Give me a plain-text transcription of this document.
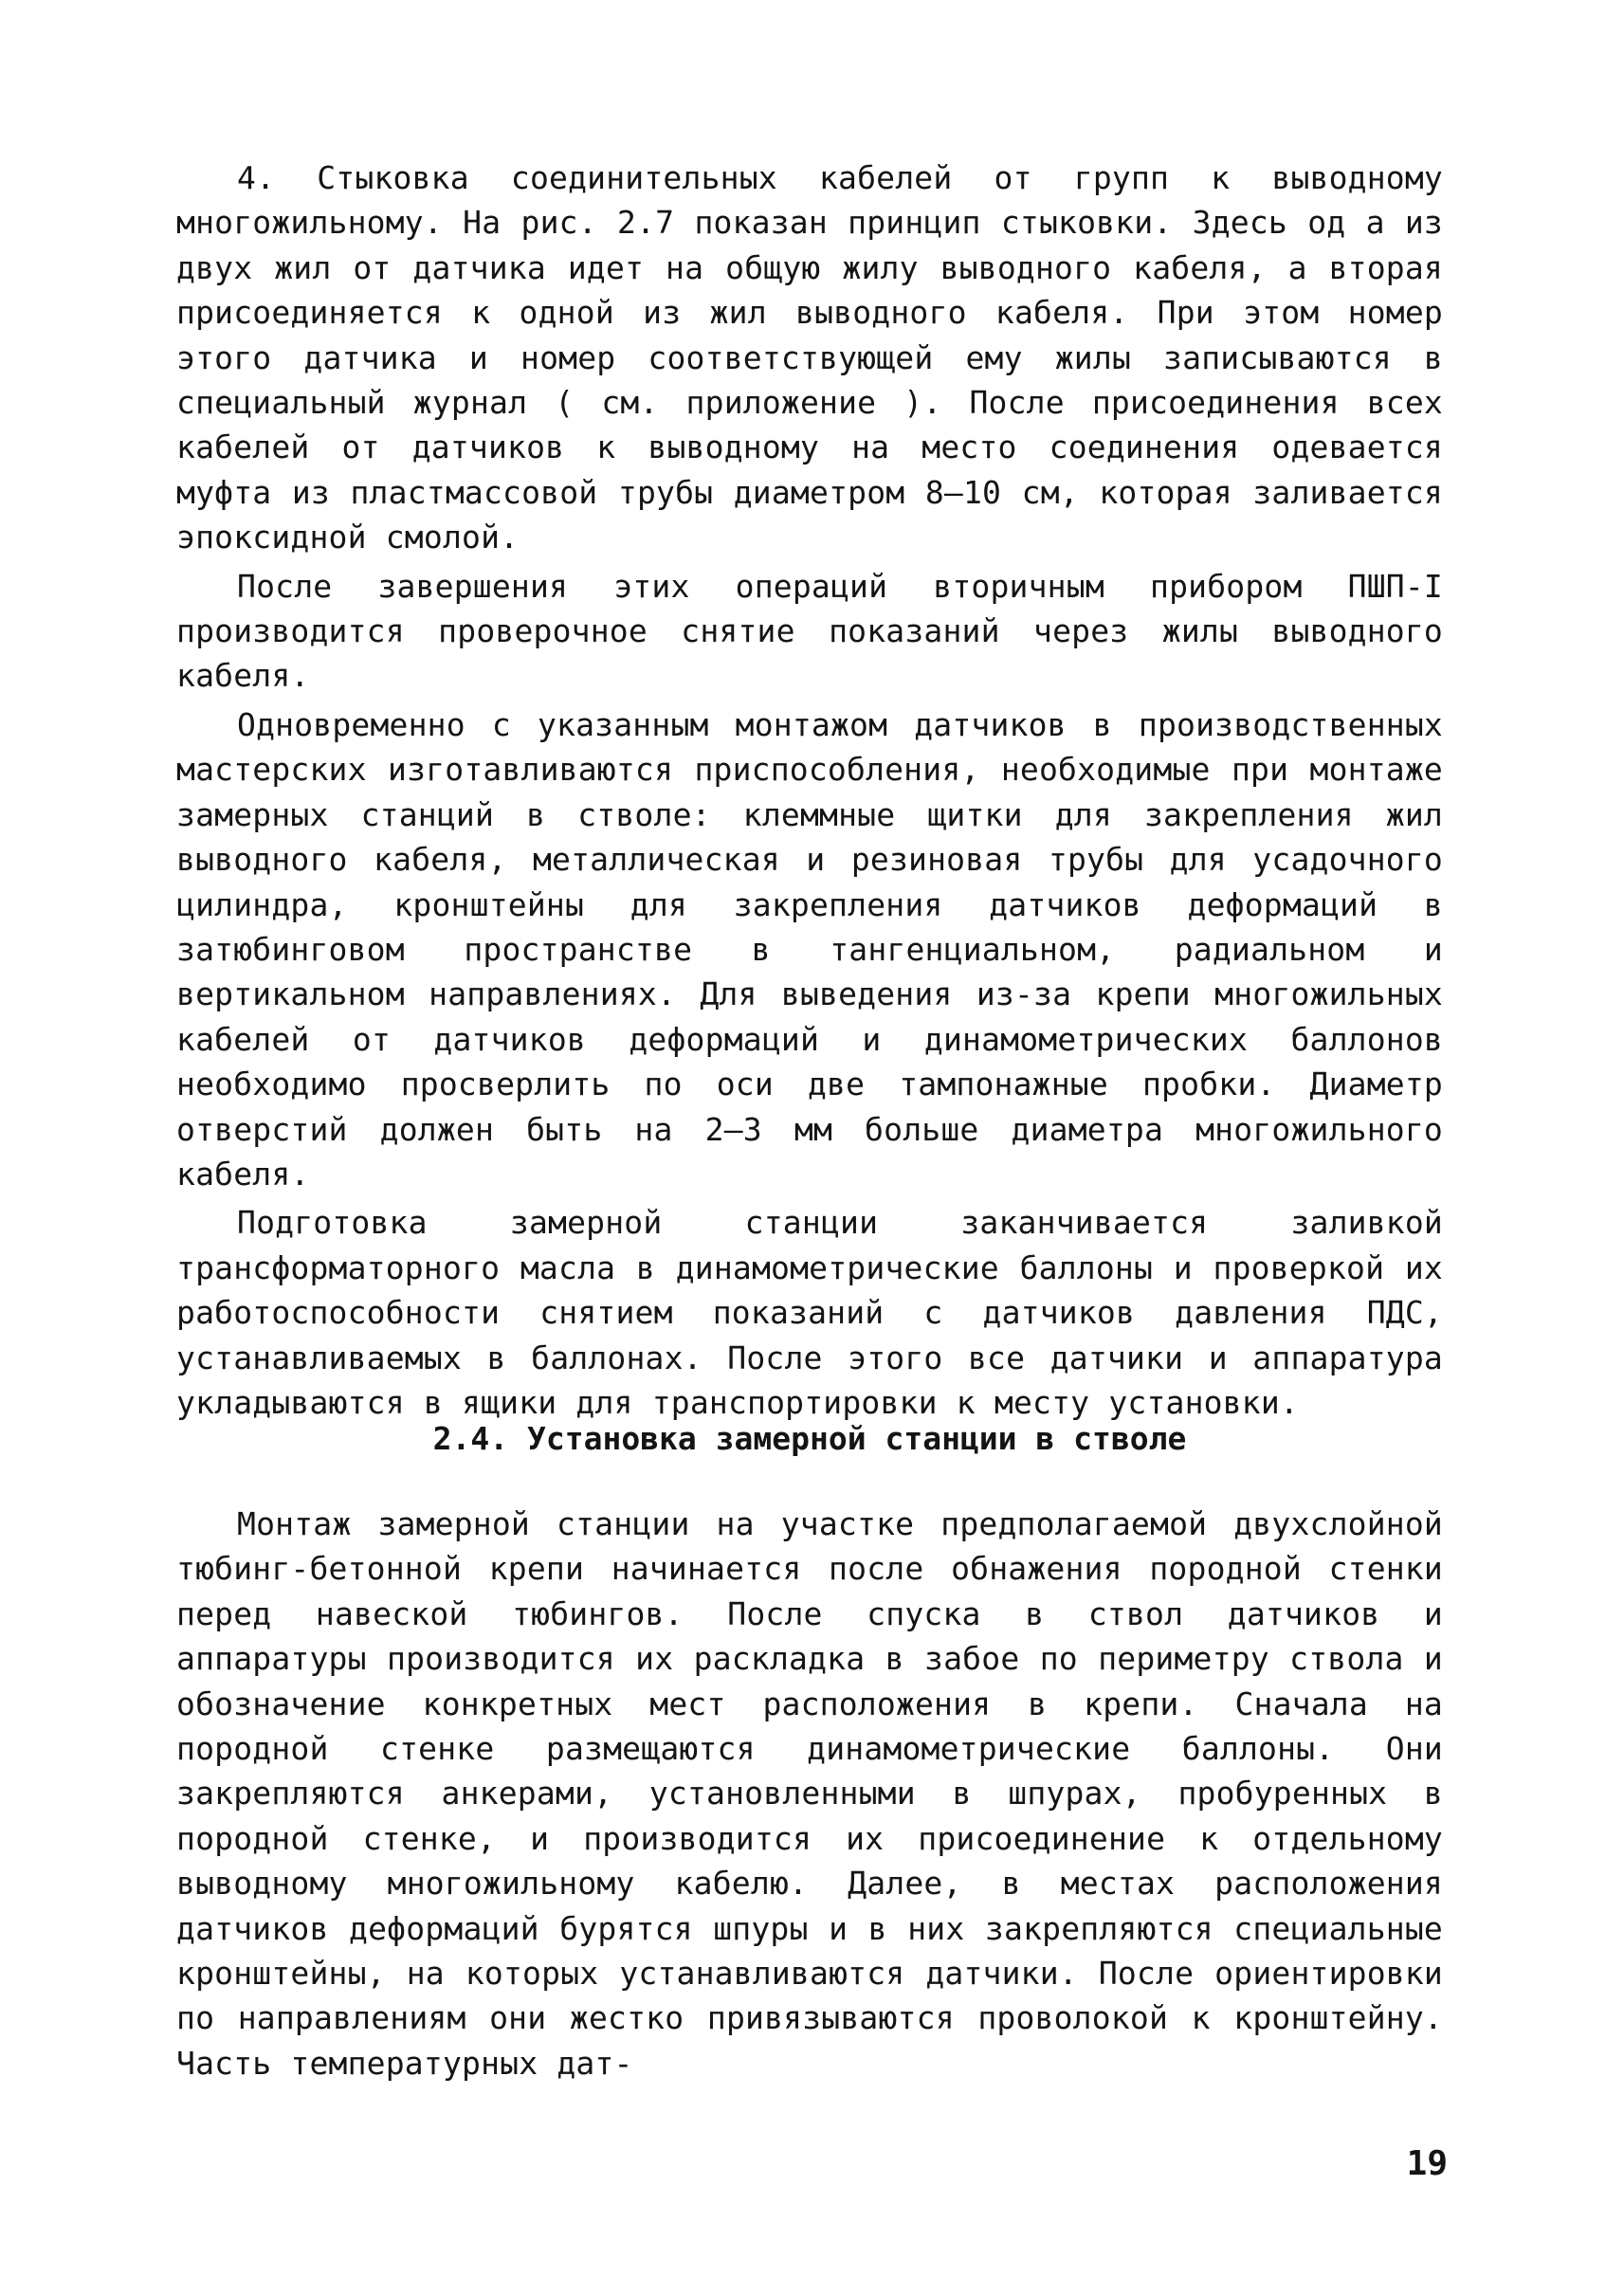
4. Стыковка соединительных кабелей от групп к выводному многожильному. На рис. 2.7 показан принцип стыковки. Здесь од а из двух жил от датчика идет на общую жилу выводного кабеля, а вторая присоединяется к одной из жил выводного кабеля. При этом номер этого датчика и номер соответствующей ему жилы записываются в специальный журнал ( см. приложение ). После присоединения всех кабелей от датчиков к выводному на место соединения одевается муфта из пластмассовой трубы диаметром 8–10 см, которая заливается эпоксидной смолой.

После завершения этих операций вторичным прибором ПШП-I производится проверочное снятие показаний через жилы выводного кабеля.

Одновременно с указанным монтажом датчиков в производственных мастерских изготавливаются приспособления, необходимые при монтаже замерных станций в стволе: клеммные щитки для закрепления жил выводного кабеля, металлическая и резиновая трубы для усадочного цилиндра, кронштейны для закрепления датчиков деформаций в затюбинговом пространстве в тангенциальном, радиальном и вертикальном направлениях. Для выведения из-за крепи многожильных кабелей от датчиков деформаций и динамометрических баллонов необходимо просверлить по оси две тампонажные пробки. Диаметр отверстий должен быть на 2–3 мм больше диаметра многожильного кабеля.

Подготовка замерной станции заканчивается заливкой трансформаторного масла в динамометрические баллоны и проверкой их работоспособности снятием показаний с датчиков давления ПДС, устанавливаемых в баллонах. После этого все датчики и аппаратура укладываются в ящики для транспортировки к месту установки.

2.4. Установка замерной станции в стволе

Монтаж замерной станции на участке предполагаемой двухслойной тюбинг-бетонной крепи начинается после обнажения породной стенки перед навеской тюбингов. После спуска в ствол датчиков и аппаратуры производится их раскладка в забое по периметру ствола и обозначение конкретных мест расположения в крепи. Сначала на породной стенке размещаются динамометрические баллоны. Они закрепляются анкерами, установленными в шпурах, пробуренных в породной стенке, и производится их присоединение к отдельному выводному многожильному кабелю. Далее, в местах расположения датчиков деформаций бурятся шпуры и в них закрепляются специальные кронштейны, на которых устанавливаются датчики. После ориентировки по направлениям они жестко привязываются проволокой к кронштейну. Часть температурных дат-

19
